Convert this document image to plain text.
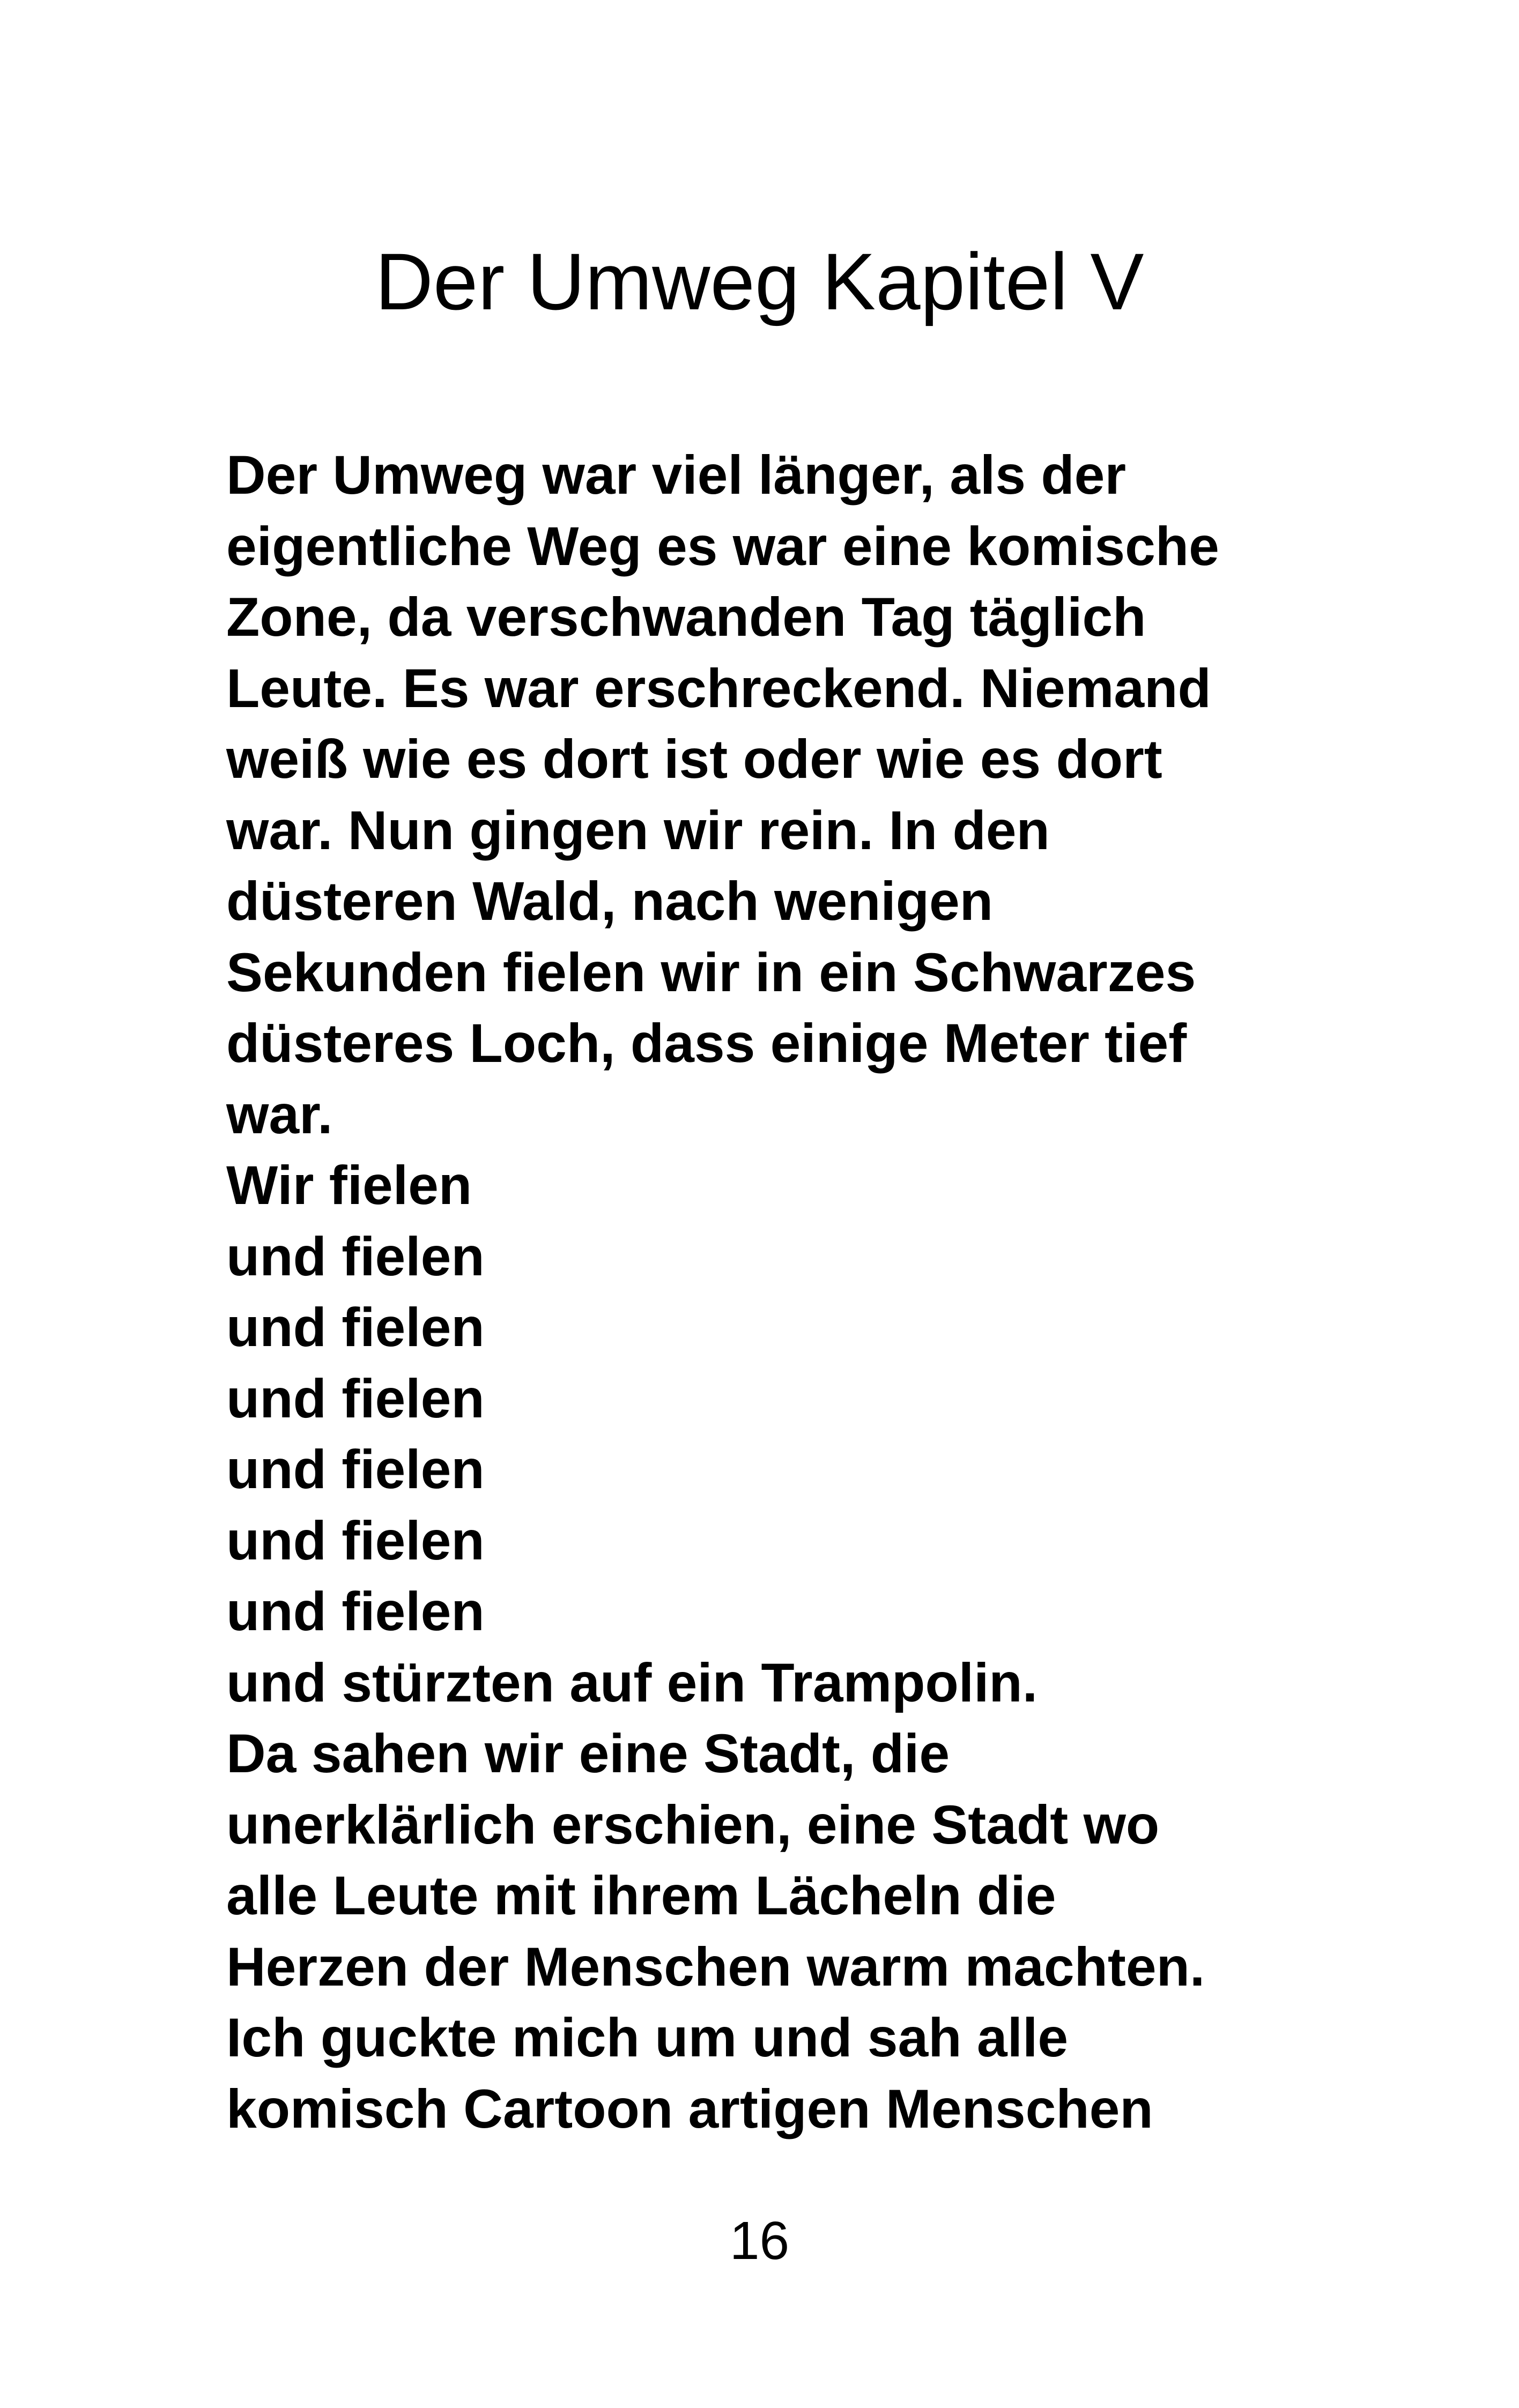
Der Umweg Kapitel V
Der Umweg war viel länger, als der
eigentliche Weg es war eine komische
Zone, da verschwanden Tag täglich
Leute. Es war erschreckend. Niemand
weiß wie es dort ist oder wie es dort
war. Nun gingen wir rein. In den
düsteren Wald, nach wenigen
Sekunden fielen wir in ein Schwarzes
düsteres Loch, dass einige Meter tief
war.
Wir fielen
und fielen
und fielen
und fielen
und fielen
und fielen
und fielen
und stürzten auf ein Trampolin.
Da sahen wir eine Stadt, die
unerklärlich erschien, eine Stadt wo
alle Leute mit ihrem Lächeln die
Herzen der Menschen warm machten.
Ich guckte mich um und sah alle
komisch Cartoon artigen Menschen
16
